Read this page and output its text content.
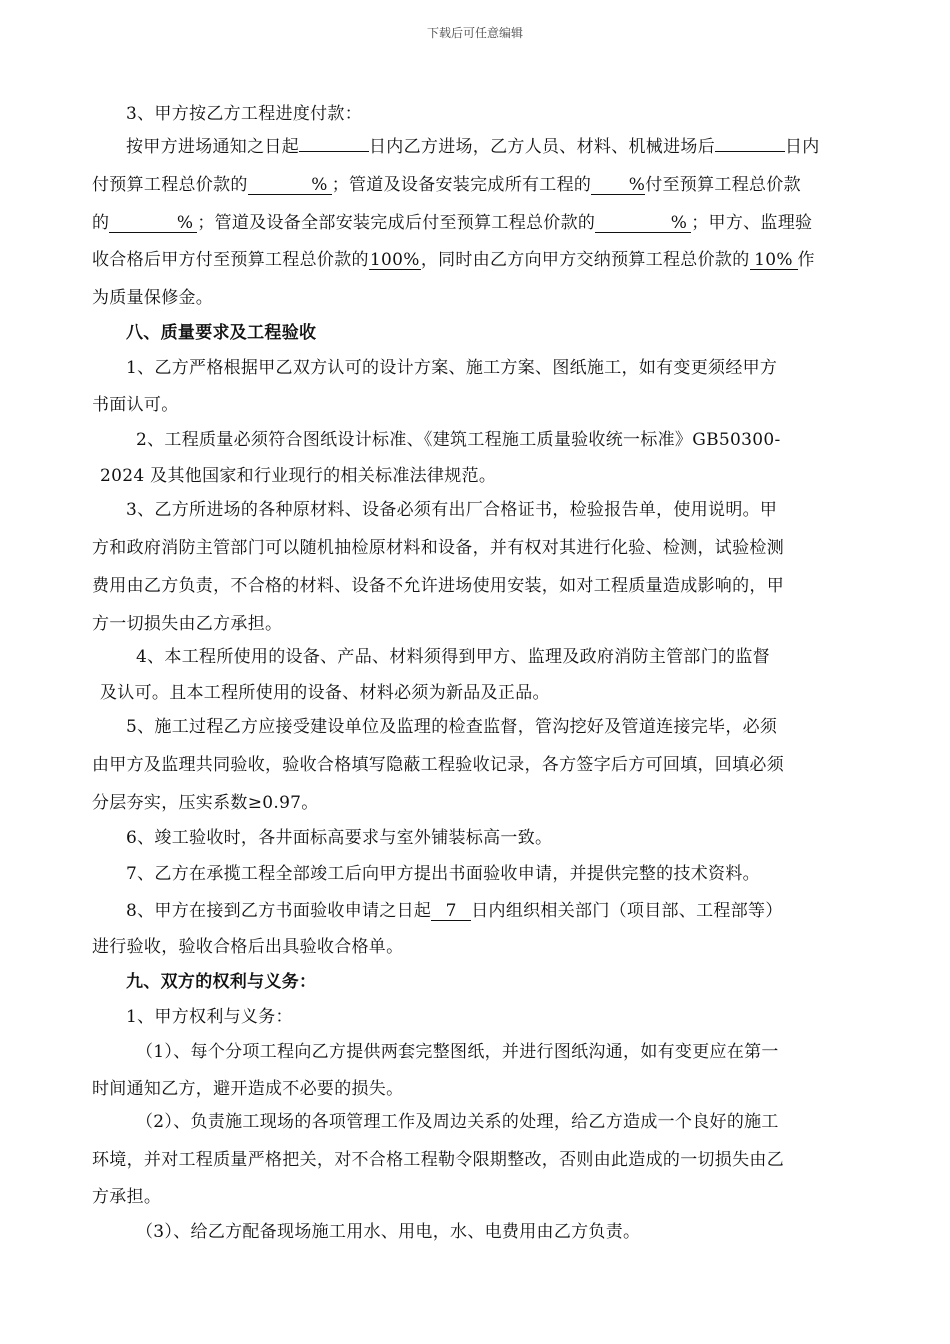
下载后可任意编辑
3、甲方按乙方工程进度付款：
按甲方进场通知之日起	日内乙方进场，乙方人员、材料、机械进场后	日内
付预算工程总价款的	% ；管道及设备安装完成所有工程的 %付至预算工程总价款
的	% ；管道及设备全部安装完成后付至预算工程总价款的	% ；甲方、监理验
收合格后甲方付至预算工程总价款的100%，同时由乙方向甲方交纳预算工程总价款的 10% 作
为质量保修金。
八、质量要求及工程验收
1、乙方严格根据甲乙双方认可的设计方案、施工方案、图纸施工，如有变更须经甲方
书面认可。
2、工程质量必须符合图纸设计标准、《建筑工程施工质量验收统一标准》GB50300-
2024 及其他国家和行业现行的相关标准法律规范。
3、乙方所进场的各种原材料、设备必须有出厂合格证书，检验报告单，使用说明。甲
方和政府消防主管部门可以随机抽检原材料和设备，并有权对其进行化验、检测，试验检测
费用由乙方负责，不合格的材料、设备不允许进场使用安装，如对工程质量造成影响的，甲
方一切损失由乙方承担。
4、本工程所使用的设备、产品、材料须得到甲方、监理及政府消防主管部门的监督
及认可。且本工程所使用的设备、材料必须为新品及正品。
5、施工过程乙方应接受建设单位及监理的检查监督，管沟挖好及管道连接完毕，必须
由甲方及监理共同验收，验收合格填写隐蔽工程验收记录，各方签字后方可回填，回填必须
分层夯实，压实系数≥0.97。
6、竣工验收时，各井面标高要求与室外铺装标高一致。
7、乙方在承揽工程全部竣工后向甲方提出书面验收申请，并提供完整的技术资料。
8、甲方在接到乙方书面验收申请之日起 7 日内组织相关部门（项目部、工程部等）
进行验收，验收合格后出具验收合格单。
九、双方的权利与义务：
1、甲方权利与义务：
（1）、每个分项工程向乙方提供两套完整图纸，并进行图纸沟通，如有变更应在第一
时间通知乙方，避开造成不必要的损失。
（2）、负责施工现场的各项管理工作及周边关系的处理，给乙方造成一个良好的施工
环境，并对工程质量严格把关，对不合格工程勒令限期整改，否则由此造成的一切损失由乙
方承担。
（3）、给乙方配备现场施工用水、用电，水、电费用由乙方负责。
